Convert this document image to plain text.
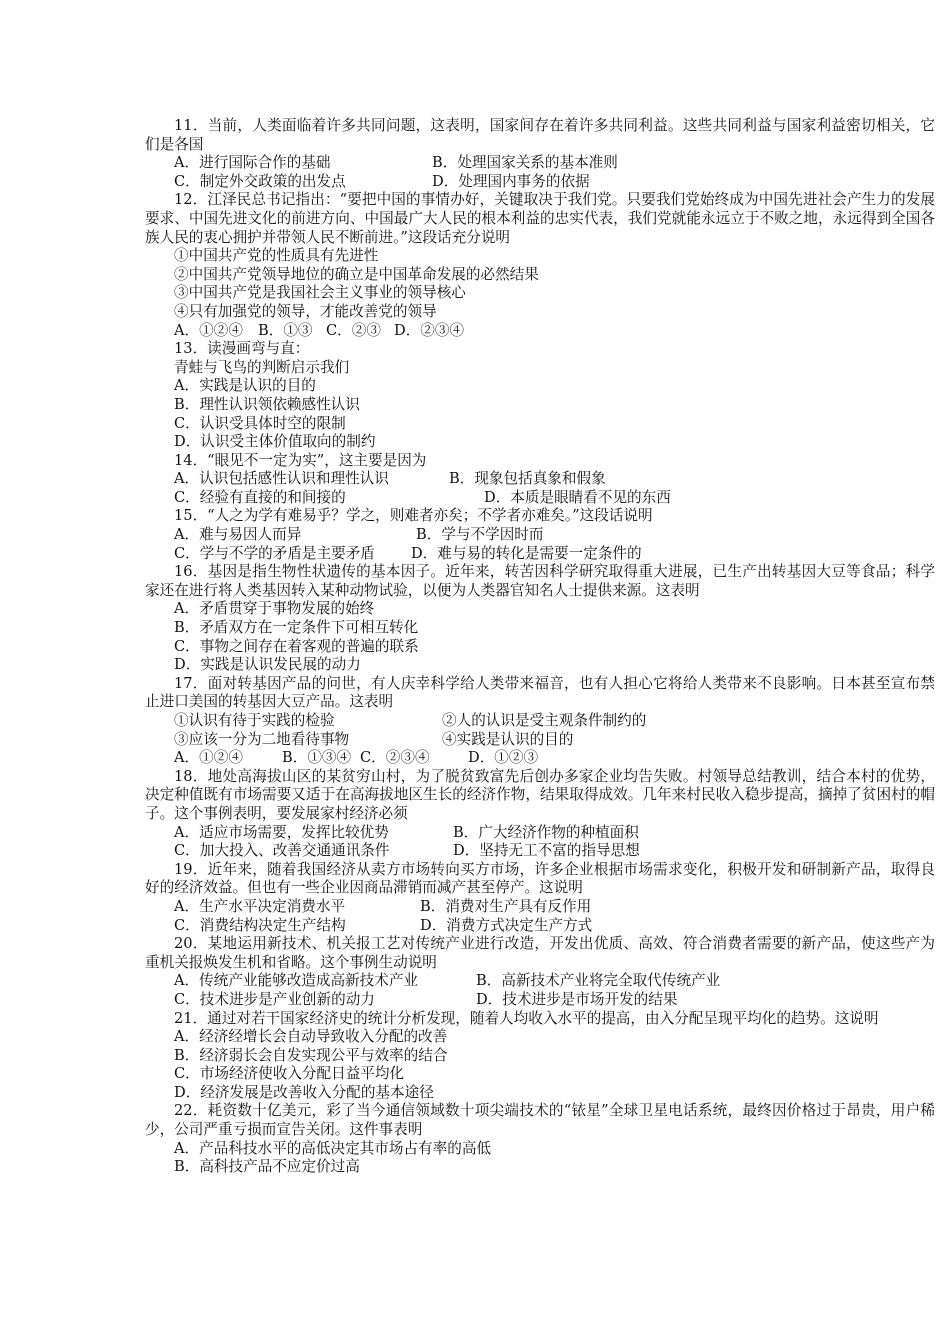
11．当前，人类面临着许多共同问题，这表明，国家间存在着许多共同利益。这些共同利益与国家利益密切相关，它们是各国
A．进行国际合作的基础	B．处理国家关系的基本准则
C．制定外交政策的出发点	D．处理国内事务的依据
12．江泽民总书记指出：“要把中国的事情办好，关键取决于我们党。只要我们党始终成为中国先进社会产生力的发展要求、中国先进文化的前进方向、中国最广大人民的根本利益的忠实代表，我们党就能永远立于不败之地，永远得到全国各族人民的衷心拥护并带领人民不断前进。”这段话充分说明
①中国共产党的性质具有先进性
②中国共产党领导地位的确立是中国革命发展的必然结果
③中国共产党是我国社会主义事业的领导核心
④只有加强党的领导，才能改善党的领导
A．①②④ B．①③ C．②③ D．②③④
13．读漫画弯与直：
青蛙与飞鸟的判断启示我们
A．实践是认识的目的
B．理性认识领依赖感性认识
C．认识受具体时空的限制
D．认识受主体价值取向的制约
14．“眼见不一定为实”，这主要是因为
A．认识包括感性认识和理性认识	B．现象包括真象和假象
C．经验有直接的和间接的	D．本质是眼睛看不见的东西
15．“人之为学有难易乎？学之，则难者亦矣；不学者亦难矣。”这段话说明
A．难与易因人而异	B．学与不学因时而
C．学与不学的矛盾是主要矛盾 D．难与易的转化是需要一定条件的
16．基因是指生物性状遗传的基本因子。近年来，转苦因科学研究取得重大进展，已生产出转基因大豆等食品；科学家还在进行将人类基因转入某种动物试验，以便为人类器官知名人士提供来源。这表明
A．矛盾贯穿于事物发展的始终
B．矛盾双方在一定条件下可相互转化
C．事物之间存在着客观的普遍的联系
D．实践是认识发民展的动力
17．面对转基因产品的问世，有人庆幸科学给人类带来福音，也有人担心它将给人类带来不良影响。日本甚至宣布禁止进口美国的转基因大豆产品。这表明
①认识有待于实践的检验	②人的认识是受主观条件制约的
③应该一分为二地看待事物	④实践是认识的目的
A．①②④	B．①③④ C．②③④	D．①②③
18．地处高海拔山区的某贫穷山村，为了脱贫致富先后创办多家企业均告失败。村领导总结教训，结合本村的优势，决定种值既有市场需要又适于在高海拔地区生长的经济作物，结果取得成效。几年来村民收入稳步提高，摘掉了贫困村的帽子。这个事例表明，要发展家村经济必须
A．适应市场需要，发挥比较优势	B．广大经济作物的种植面积
C．加大投入、改善交通通讯条件	D．坚持无工不富的指导思想
19．近年来，随着我国经济从卖方市场转向买方市场，许多企业根据市场需求变化，积极开发和研制新产品，取得良好的经济效益。但也有一些企业因商品滞销而减产甚至停产。这说明
A．生产水平决定消费水平	B．消费对生产具有反作用
C．消费结构决定生产结构	D．消费方式决定生产方式
20．某地运用新技术、机关报工艺对传统产业进行改造，开发出优质、高效、符合消费者需要的新产品，使这些产为重机关报焕发生机和省略。这个事例生动说明
A．传统产业能够改造成高新技术产业	B．高新技术产业将完全取代传统产业
C．技术进步是产业创新的动力	D．技术进步是市场开发的结果
21．通过对若干国家经济史的统计分析发现，随着人均收入水平的提高，由入分配呈现平均化的趋势。这说明
A．经济经增长会自动导致收入分配的改善
B．经济弱长会自发实现公平与效率的结合
C．市场经济使收入分配日益平均化
D．经济发展是改善收入分配的基本途径
22．耗资数十亿美元，彩了当今通信领域数十项尖端技术的“铱星”全球卫星电话系统，最终因价格过于昂贵，用户稀少，公司严重亏损而宣告关闭。这件事表明
A．产品科技水平的高低决定其市场占有率的高低
B．高科技产品不应定价过高
